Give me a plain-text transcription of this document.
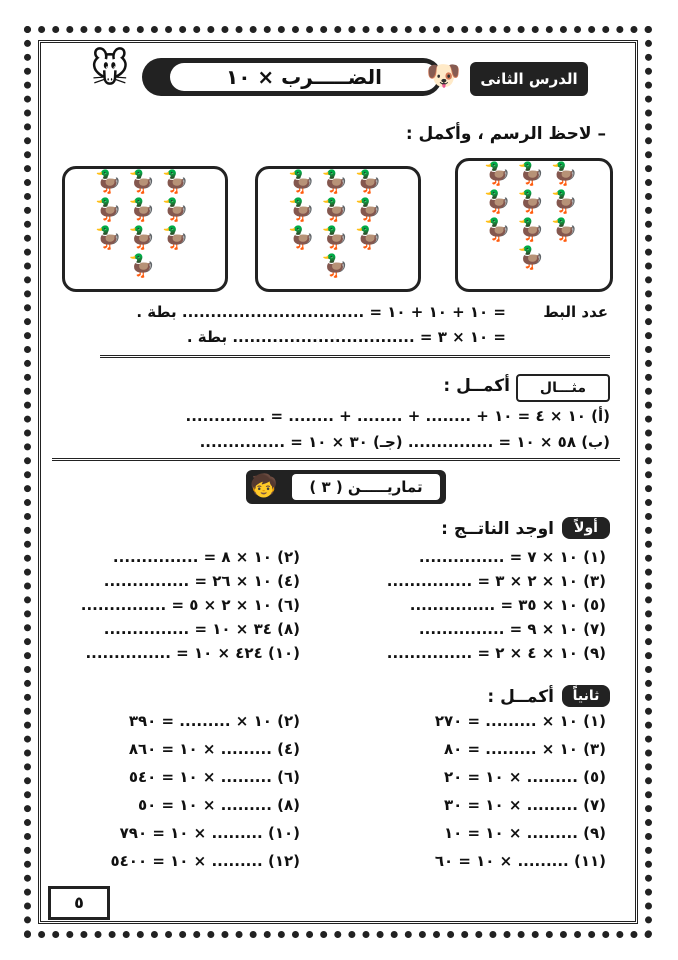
الدرس الثانى
الضـــــرب × ١٠
🐭	🐶
– لاحظ الرسم ، وأكمل :
🦆🦆🦆
🦆🦆🦆
🦆🦆🦆
🦆
🦆🦆🦆
🦆🦆🦆
🦆🦆🦆
🦆
🦆🦆🦆
🦆🦆🦆
🦆🦆🦆
🦆
عدد البط
= ١٠ + ١٠ + ١٠ = ................................ بطة .
= ١٠ × ٣ = ................................ بطة .
مثـــال
أكمــل :
(أ) ١٠ × ٤ = ١٠ + ........ + ........ + ........ = ..............
(ب) ٥٨ × ١٠ = ............... (جـ) ٣٠ × ١٠ = ...............
تماريـــــن ( ٣ )
🧒
أولاً
اوجد الناتــج :
(١) ١٠ × ٧ = ...............
(٣) ١٠ × ٢ × ٣ = ...............
(٥) ١٠ × ٣٥ = ...............
(٧) ١٠ × ٩ = ...............
(٩) ١٠ × ٤ × ٢ = ...............
(٢) ١٠ × ٨ = ...............
(٤) ١٠ × ٢٦ = ...............
(٦) ١٠ × ٢ × ٥ = ...............
(٨) ٣٤ × ١٠ = ...............
(١٠) ٤٢٤ × ١٠ = ...............
ثانياً
أكمــل :
(١) ١٠ × ......... = ٢٧٠
(٣) ١٠ × ......... = ٨٠
(٥) ......... × ١٠ = ٢٠
(٧) ......... × ١٠ = ٣٠
(٩) ......... × ١٠ = ١٠
(١١) ......... × ١٠ = ٦٠
(٢) ١٠ × ......... = ٣٩٠
(٤) ......... × ١٠ = ٨٦٠
(٦) ......... × ١٠ = ٥٤٠
(٨) ......... × ١٠ = ٥٠
(١٠) ......... × ١٠ = ٧٩٠
(١٢) ......... × ١٠ = ٥٤٠٠
٥
